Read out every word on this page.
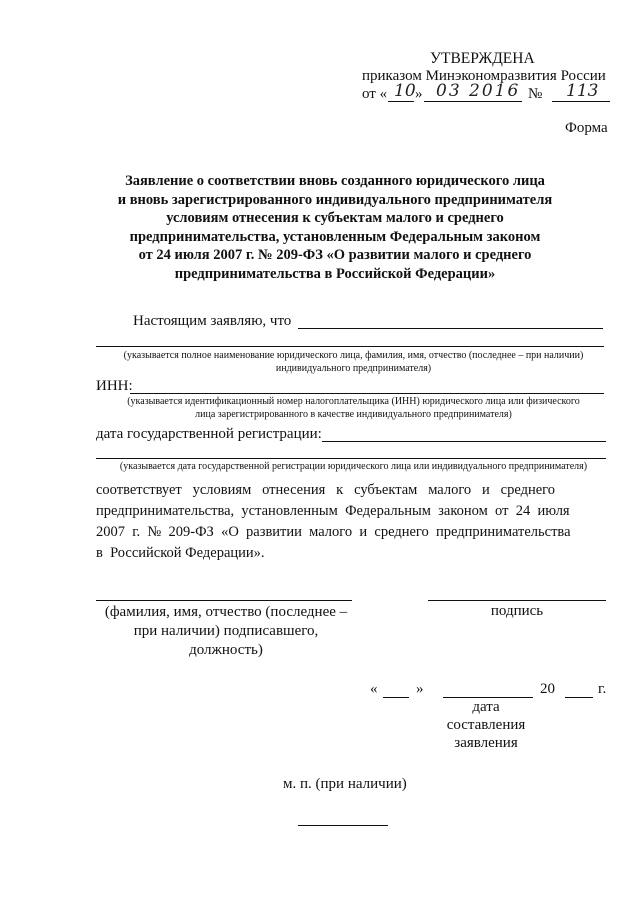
УТВЕРЖДЕНА
приказом Минэкономразвития России
от « 10 » 03 2016 № 113
Форма
Заявление о соответствии вновь созданного юридического лица
и вновь зарегистрированного индивидуального предпринимателя
условиям отнесения к субъектам малого и среднего
предпринимательства, установленным Федеральным законом
от 24 июля 2007 г. № 209-ФЗ «О развитии малого и среднего
предпринимательства в Российской Федерации»
Настоящим заявляю, что
(указывается полное наименование юридического лица, фамилия, имя, отчество (последнее – при наличии)
индивидуального предпринимателя)
ИНН:
(указывается идентификационный номер налогоплательщика (ИНН) юридического лица или физического
лица зарегистрированного в качестве индивидуального предпринимателя)
дата государственной регистрации:
(указывается дата государственной регистрации юридического лица или индивидуального предпринимателя)
соответствует   условиям   отнесения   к   субъектам   малого   и   среднего
предпринимательства,  установленным  Федеральным  законом  от  24  июля
2007  г.  №  209-ФЗ  «О  развитии  малого  и  среднего  предпринимательства
в  Российской Федерации».
(фамилия, имя, отчество (последнее –
при наличии) подписавшего,
должность)
подпись
«	»	20	г.
дата
составления
заявления
м. п. (при наличии)
